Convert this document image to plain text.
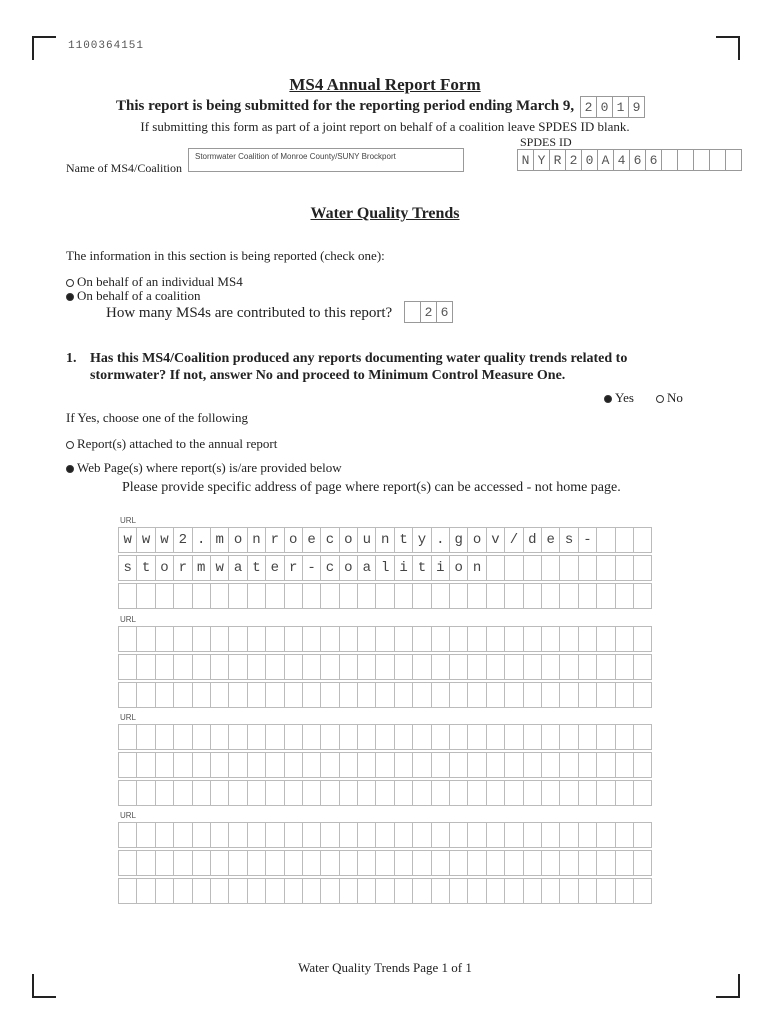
1100364151
MS4 Annual Report Form
This report is being submitted for the reporting period ending March 9, 2 0 1 9
If submitting this form as part of a joint report on behalf of a coalition leave SPDES ID blank.
SPDES ID
N Y R 2 0 A 4 6 6
Name of MS4/Coalition
Stormwater Coalition of Monroe County/SUNY Brockport
Water Quality Trends
The information in this section is being reported (check one):
On behalf of an individual MS4
On behalf of a coalition
How many MS4s are contributed to this report?	2 6
1. Has this MS4/Coalition produced any reports documenting water quality trends related to stormwater? If not, answer No and proceed to Minimum Control Measure One.
Yes	No
If Yes, choose one of the following
Report(s) attached to the annual report
Web Page(s) where report(s) is/are provided below
Please provide specific address of page where report(s) can be accessed - not home page.
URL
w w w 2 . m o n r o e c o u n t y . g o v / d e s -
s t o r m w a t e r - c o a l i t i o n
URL
URL
URL
Water Quality Trends Page 1 of 1
